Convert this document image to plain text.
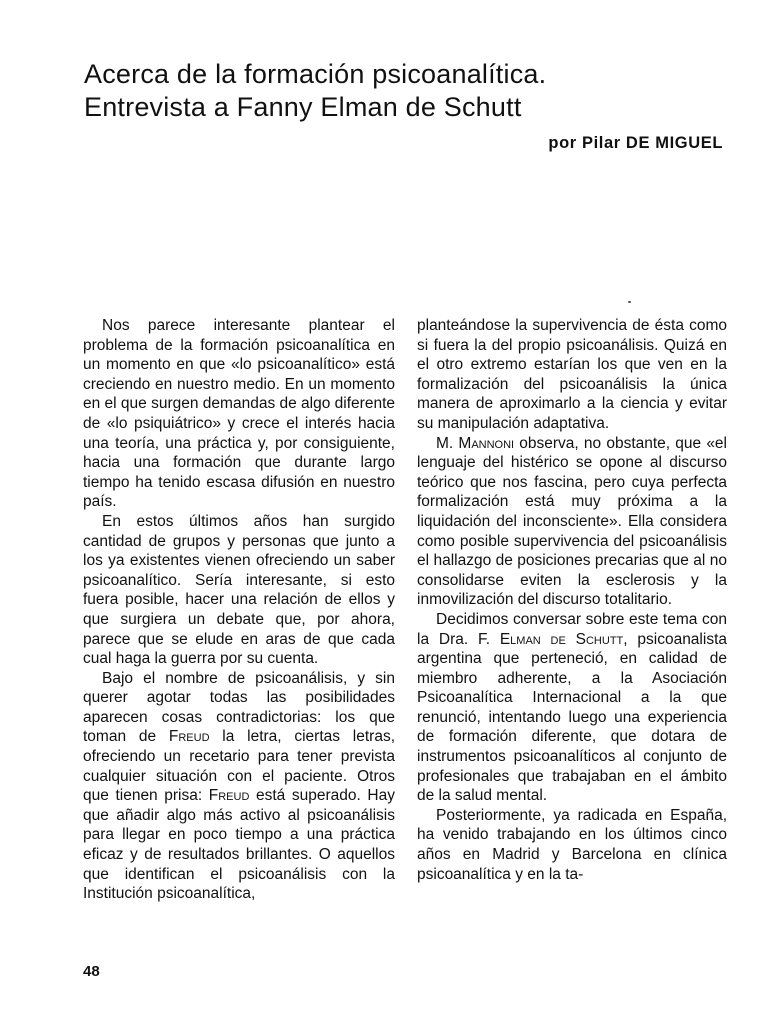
Acerca de la formación psicoanalítica.
Entrevista a Fanny Elman de Schutt
por Pilar DE MIGUEL

Nos parece interesante plantear el problema de la formación psicoanalítica en un momento en que «lo psicoanalítico» está creciendo en nuestro medio. En un momento en el que surgen demandas de algo diferente de «lo psiquiátrico» y crece el interés hacia una teoría, una práctica y, por consiguiente, hacia una formación que durante largo tiempo ha tenido escasa difusión en nuestro país.

En estos últimos años han surgido cantidad de grupos y personas que junto a los ya existentes vienen ofreciendo un saber psicoanalítico. Sería interesante, si esto fuera posible, hacer una relación de ellos y que surgiera un debate que, por ahora, parece que se elude en aras de que cada cual haga la guerra por su cuenta.

Bajo el nombre de psicoanálisis, y sin querer agotar todas las posibilidades aparecen cosas contradictorias: los que toman de Freud la letra, ciertas letras, ofreciendo un recetario para tener prevista cualquier situación con el paciente. Otros que tienen prisa: Freud está superado. Hay que añadir algo más activo al psicoanálisis para llegar en poco tiempo a una práctica eficaz y de resultados brillantes. O aquellos que identifican el psicoanálisis con la Institución psicoanalítica,

planteándose la supervivencia de ésta como si fuera la del propio psicoanálisis. Quizá en el otro extremo estarían los que ven en la formalización del psicoanálisis la única manera de aproximarlo a la ciencia y evitar su manipulación adaptativa.

M. Mannoni observa, no obstante, que «el lenguaje del histérico se opone al discurso teórico que nos fascina, pero cuya perfecta formalización está muy próxima a la liquidación del inconsciente». Ella considera como posible supervivencia del psicoanálisis el hallazgo de posiciones precarias que al no consolidarse eviten la esclerosis y la inmovilización del discurso totalitario.

Decidimos conversar sobre este tema con la Dra. F. Elman de Schutt, psicoanalista argentina que perteneció, en calidad de miembro adherente, a la Asociación Psicoanalítica Internacional a la que renunció, intentando luego una experiencia de formación diferente, que dotara de instrumentos psicoanalíticos al conjunto de profesionales que trabajaban en el ámbito de la salud mental.

Posteriormente, ya radicada en España, ha venido trabajando en los últimos cinco años en Madrid y Barcelona en clínica psicoanalítica y en la ta-

48
